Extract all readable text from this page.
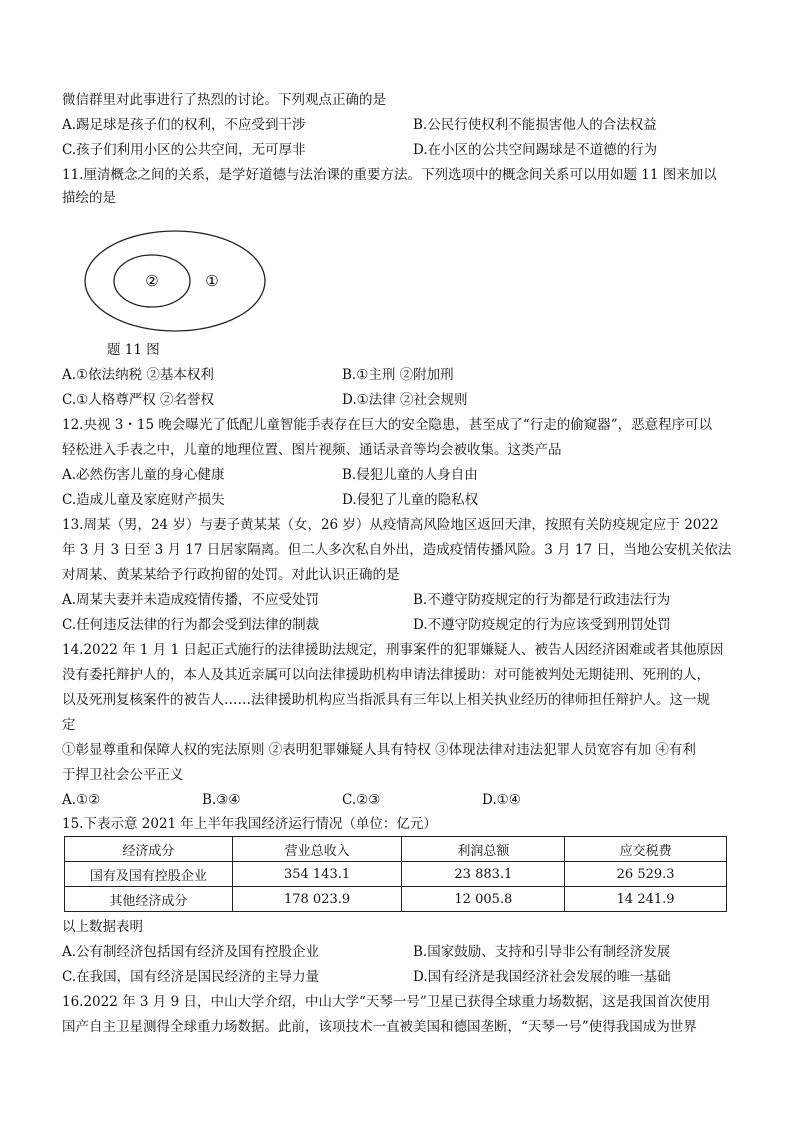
微信群里对此事进行了热烈的讨论。下列观点正确的是
A.踢足球是孩子们的权利，不应受到干涉	B.公民行使权利不能损害他人的合法权益
C.孩子们利用小区的公共空间，无可厚非	D.在小区的公共空间踢球是不道德的行为
11.厘清概念之间的关系，是学好道德与法治课的重要方法。下列选项中的概念间关系可以用如题 11 图来加以
描绘的是
②	①
题 11 图
A.①依法纳税 ②基本权利	B.①主刑 ②附加刑
C.①人格尊严权 ②名誉权	D.①法律 ②社会规则
12.央视 3・15 晚会曝光了低配儿童智能手表存在巨大的安全隐患，甚至成了“行走的偷窥器”，恶意程序可以
轻松进入手表之中，儿童的地理位置、图片视频、通话录音等均会被收集。这类产品
A.必然伤害儿童的身心健康	B.侵犯儿童的人身自由
C.造成儿童及家庭财产损失	D.侵犯了儿童的隐私权
13.周某（男，24 岁）与妻子黄某某（女，26 岁）从疫情高风险地区返回天津，按照有关防疫规定应于 2022
年 3 月 3 日至 3 月 17 日居家隔离。但二人多次私自外出，造成疫情传播风险。3 月 17 日，当地公安机关依法
对周某、黄某某给予行政拘留的处罚。对此认识正确的是
A.周某夫妻并未造成疫情传播，不应受处罚	B.不遵守防疫规定的行为都是行政违法行为
C.任何违反法律的行为都会受到法律的制裁	D.不遵守防疫规定的行为应该受到刑罚处罚
14.2022 年 1 月 1 日起正式施行的法律援助法规定，刑事案件的犯罪嫌疑人、被告人因经济困难或者其他原因
没有委托辩护人的，本人及其近亲属可以向法律援助机构申请法律援助：对可能被判处无期徒刑、死刑的人，
以及死刑复核案件的被告人……法律援助机构应当指派具有三年以上相关执业经历的律师担任辩护人。这一规
定
①彰显尊重和保障人权的宪法原则 ②表明犯罪嫌疑人具有特权 ③体现法律对违法犯罪人员宽容有加 ④有利
于捍卫社会公平正义
A.①②	B.③④	C.②③	D.①④
15.下表示意 2021 年上半年我国经济运行情况（单位：亿元）
经济成分	营业总收入	利润总额	应交税费
国有及国有控股企业	354 143.1	23 883.1	26 529.3
其他经济成分	178 023.9	12 005.8	14 241.9
以上数据表明
A.公有制经济包括国有经济及国有控股企业	B.国家鼓励、支持和引导非公有制经济发展
C.在我国，国有经济是国民经济的主导力量	D.国有经济是我国经济社会发展的唯一基础
16.2022 年 3 月 9 日，中山大学介绍，中山大学“天琴一号”卫星已获得全球重力场数据，这是我国首次使用
国产自主卫星测得全球重力场数据。此前，该项技术一直被美国和德国垄断，“天琴一号”使得我国成为世界
